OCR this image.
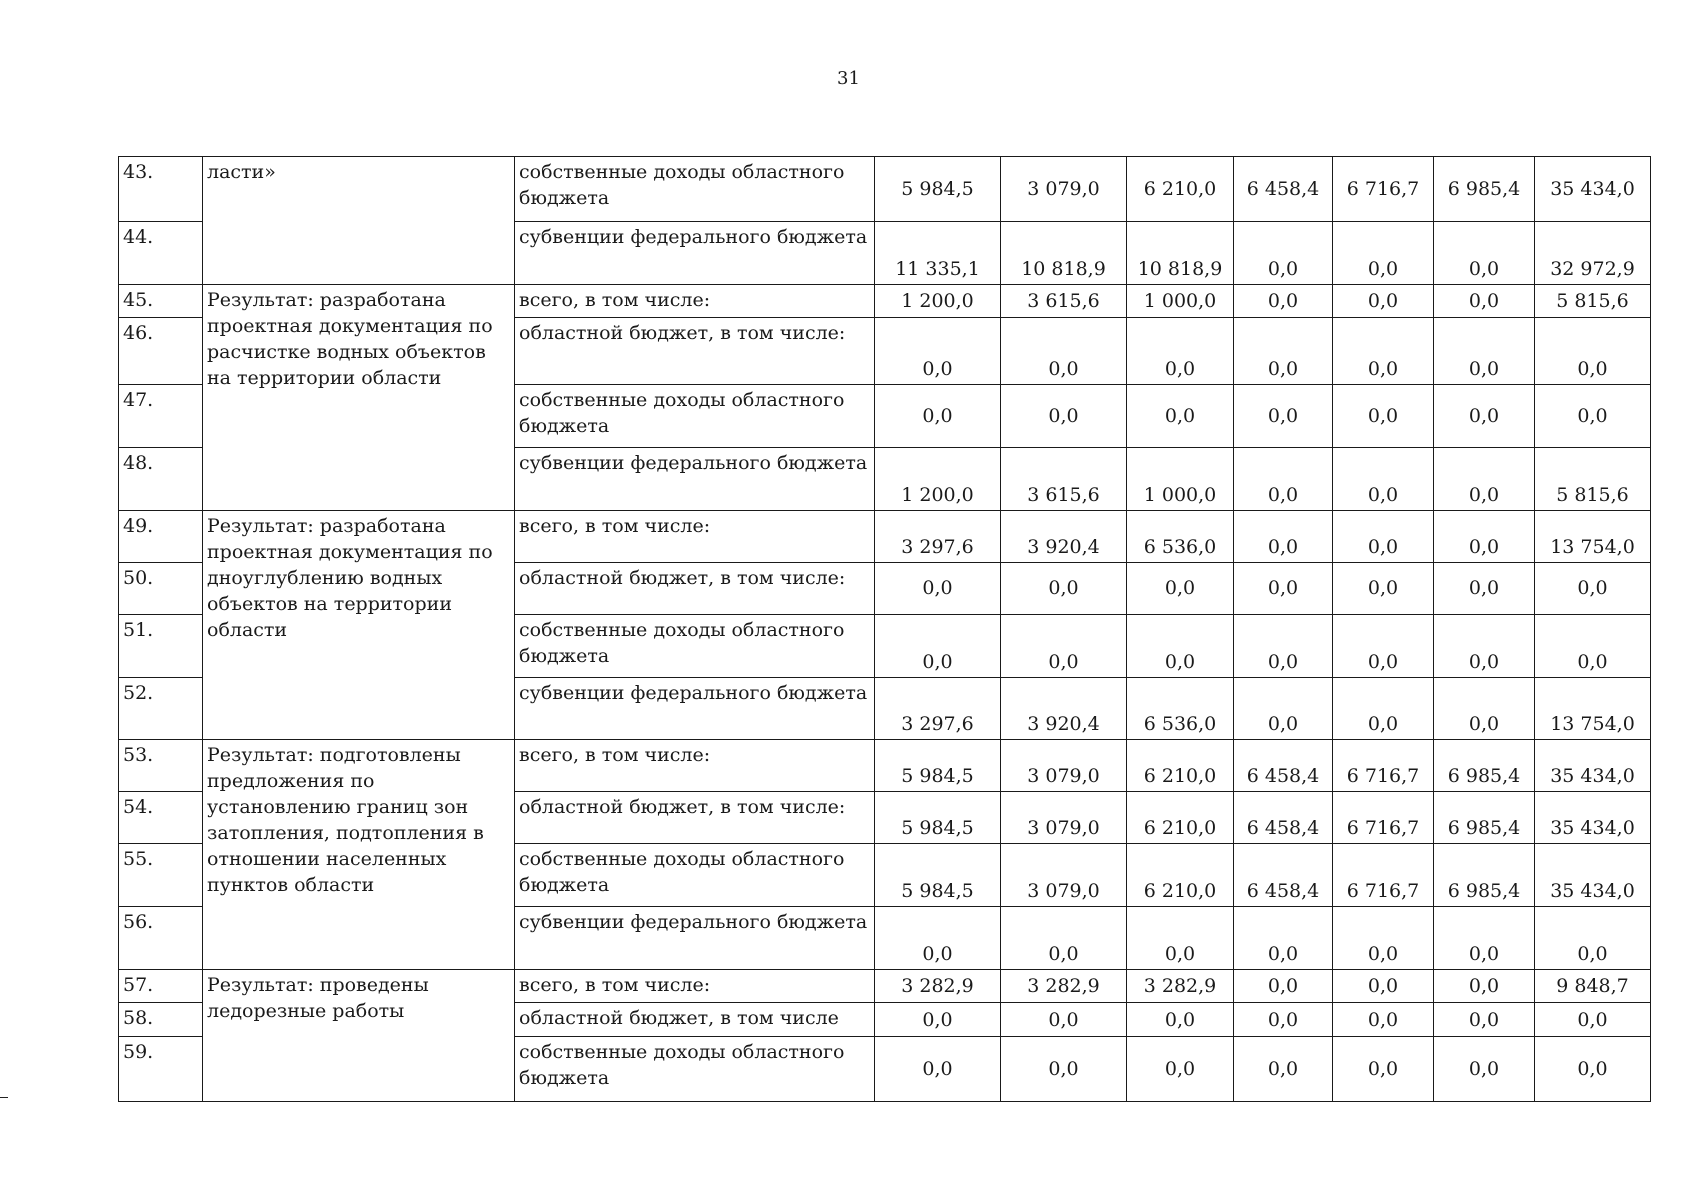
31
43.	ласти»	собственные доходы областного бюджета	5 984,5	3 079,0	6 210,0	6 458,4	6 716,7	6 985,4	35 434,0
44.		субвенции федерального бюджета	11 335,1	10 818,9	10 818,9	0,0	0,0	0,0	32 972,9
45.	Результат: разработана проектная документация по расчистке водных объектов на территории области	всего, в том числе:	1 200,0	3 615,6	1 000,0	0,0	0,0	0,0	5 815,6
46.		областной бюджет, в том числе:	0,0	0,0	0,0	0,0	0,0	0,0	0,0
47.		собственные доходы областного бюджета	0,0	0,0	0,0	0,0	0,0	0,0	0,0
48.		субвенции федерального бюджета	1 200,0	3 615,6	1 000,0	0,0	0,0	0,0	5 815,6
49.	Результат: разработана проектная документация по дноуглублению водных объектов на территории области	всего, в том числе:	3 297,6	3 920,4	6 536,0	0,0	0,0	0,0	13 754,0
50.		областной бюджет, в том числе:	0,0	0,0	0,0	0,0	0,0	0,0	0,0
51.		собственные доходы областного бюджета	0,0	0,0	0,0	0,0	0,0	0,0	0,0
52.		субвенции федерального бюджета	3 297,6	3 920,4	6 536,0	0,0	0,0	0,0	13 754,0
53.	Результат: подготовлены предложения по установлению границ зон затопления, подтопления в отношении населенных пунктов области	всего, в том числе:	5 984,5	3 079,0	6 210,0	6 458,4	6 716,7	6 985,4	35 434,0
54.		областной бюджет, в том числе:	5 984,5	3 079,0	6 210,0	6 458,4	6 716,7	6 985,4	35 434,0
55.		собственные доходы областного бюджета	5 984,5	3 079,0	6 210,0	6 458,4	6 716,7	6 985,4	35 434,0
56.		субвенции федерального бюджета	0,0	0,0	0,0	0,0	0,0	0,0	0,0
57.	Результат: проведены ледорезные работы	всего, в том числе:	3 282,9	3 282,9	3 282,9	0,0	0,0	0,0	9 848,7
58.		областной бюджет, в том числе	0,0	0,0	0,0	0,0	0,0	0,0	0,0
59.		собственные доходы областного бюджета	0,0	0,0	0,0	0,0	0,0	0,0	0,0
